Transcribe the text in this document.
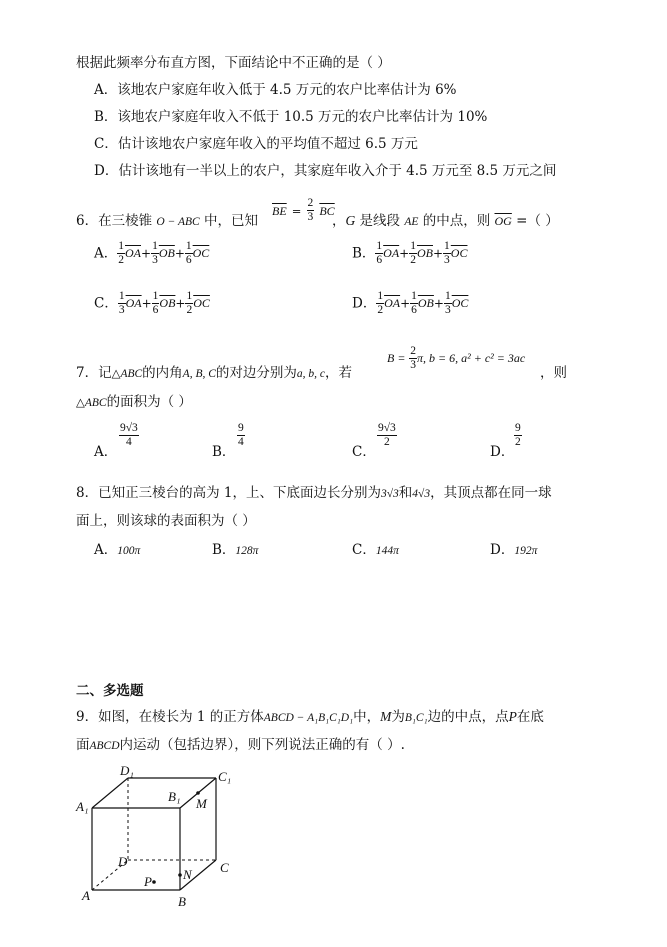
根据此频率分布直方图，下面结论中不正确的是（ ）
A．该地农户家庭年收入低于 4.5 万元的农户比率估计为 6%
B．该地农户家庭年收入不低于 10.5 万元的农户比率估计为 10%
C．估计该地农户家庭年收入的平均值不超过 6.5 万元
D．估计该地有一半以上的农户，其家庭年收入介于 4.5 万元至 8.5 万元之间
6．在三棱锥 O − ABC 中，已知
$\overline{BE} = \frac{2}{3} \overline{BC}$
，G 是线段 AE 的中点，则 $\overline{OG}$ =（ ）
A． $\frac{1}{2} \overline{OA}+ \frac{1}{3} \overline{OB}+ \frac{1}{6} \overline{OC}$	B． $\frac{1}{6} \overline{OA}+ \frac{1}{2} \overline{OB}+ \frac{1}{3} \overline{OC}$
C． $\frac{1}{3} \overline{OA}+ \frac{1}{6} \overline{OB}+ \frac{1}{2} \overline{OC}$	D． $\frac{1}{2} \overline{OA}+ \frac{1}{6} \overline{OB}+ \frac{1}{3} \overline{OC}$
7．记△ABC的内角A, B, C的对边分别为a, b, c，若
$B = \frac{2}{3} \pi$, b = 6, a² + c² = 3ac
，则
△ABC的面积为（ ）
A．
$\frac{9√3}{4}$
B．
$\frac{9}{4}$
C．
$\frac{9√3}{2}$
D．
$\frac{9}{2}$
8．已知正三棱台的高为 1，上、下底面边长分别为3√3和4√3，其顶点都在同一球
面上，则该球的表面积为（ ）
A．100π	B．128π	C．144π	D．192π
二、多选题
9．如图，在棱长为 1 的正方体ABCD − A₁B₁C₁D₁中，M为B₁C₁边的中点，点P在底
面ABCD内运动（包括边界），则下列说法正确的有（ ）.
D₁	C₁
A₁
B₁ M
D	C
A	B
P N
